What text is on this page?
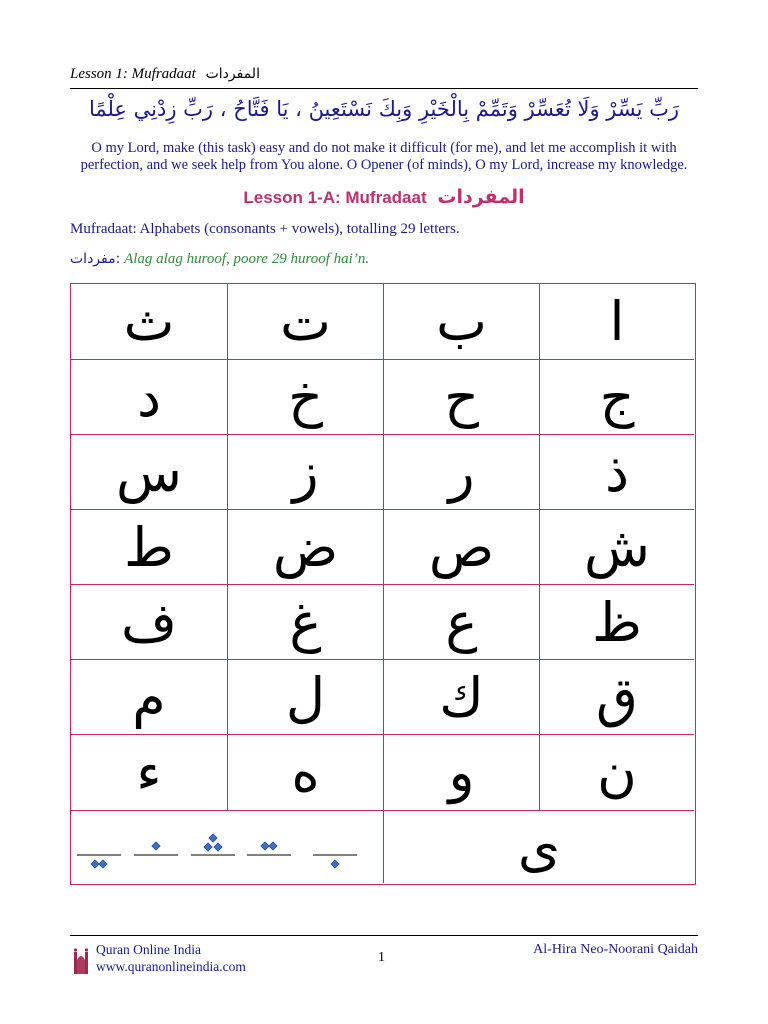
Lesson 1: Mufradaat المفردات
رَبِّ يَسِّرْ وَلَا تُعَسِّرْ وَتَمِّمْ بِالْخَيْرِ وَبِكَ نَسْتَعِينُ ، يَا فَتَّاحُ ، رَبِّ زِدْنِي عِلْمًا
O my Lord, make (this task) easy and do not make it difficult (for me), and let me accomplish it with
perfection, and we seek help from You alone. O Opener (of minds), O my Lord, increase my knowledge.
Lesson 1-A: Mufradaat المفردات
Mufradaat: Alphabets (consonants + vowels), totalling 29 letters.
مفردات: Alag alag huroof, poore 29 huroof hai’n.
ث	ت	ب	ا
د	خ	ح	ج
س	ز	ر	ذ
ط	ض	ص	ش
ف	غ	ع	ظ
م	ل	ك	ق
ء	ه	و	ن
ى
Quran Online India
www.quranonlineindia.com
1
Al-Hira Neo-Noorani Qaidah
